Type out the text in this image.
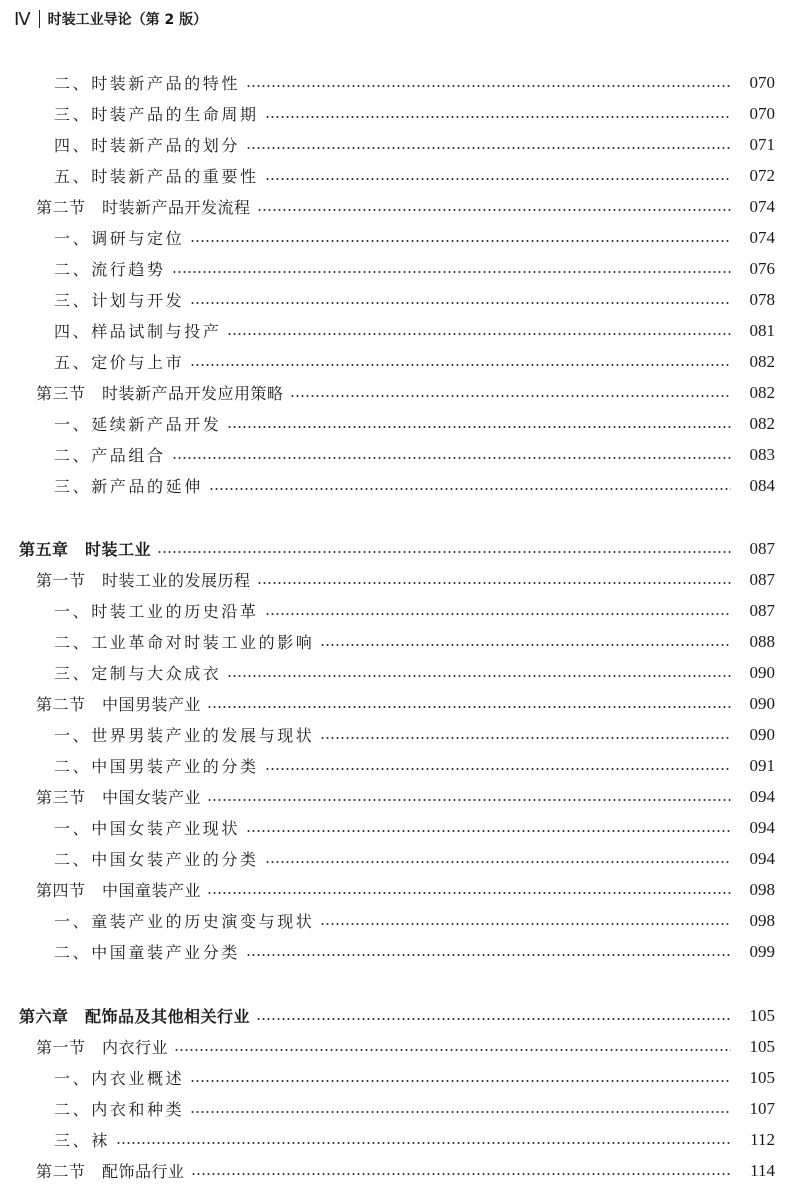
Ⅳ 时装工业导论（第 2 版）
二、时装新产品的特性	070
三、时装产品的生命周期	070
四、时装新产品的划分	071
五、时装新产品的重要性	072
第二节　时装新产品开发流程	074
一、调研与定位	074
二、流行趋势	076
三、计划与开发	078
四、样品试制与投产	081
五、定价与上市	082
第三节　时装新产品开发应用策略	082
一、延续新产品开发	082
二、产品组合	083
三、新产品的延伸	084
第五章　时装工业	087
第一节　时装工业的发展历程	087
一、时装工业的历史沿革	087
二、工业革命对时装工业的影响	088
三、定制与大众成衣	090
第二节　中国男装产业	090
一、世界男装产业的发展与现状	090
二、中国男装产业的分类	091
第三节　中国女装产业	094
一、中国女装产业现状	094
二、中国女装产业的分类	094
第四节　中国童装产业	098
一、童装产业的历史演变与现状	098
二、中国童装产业分类	099
第六章　配饰品及其他相关行业	105
第一节　内衣行业	105
一、内衣业概述	105
二、内衣和种类	107
三、袜	112
第二节　配饰品行业	114
